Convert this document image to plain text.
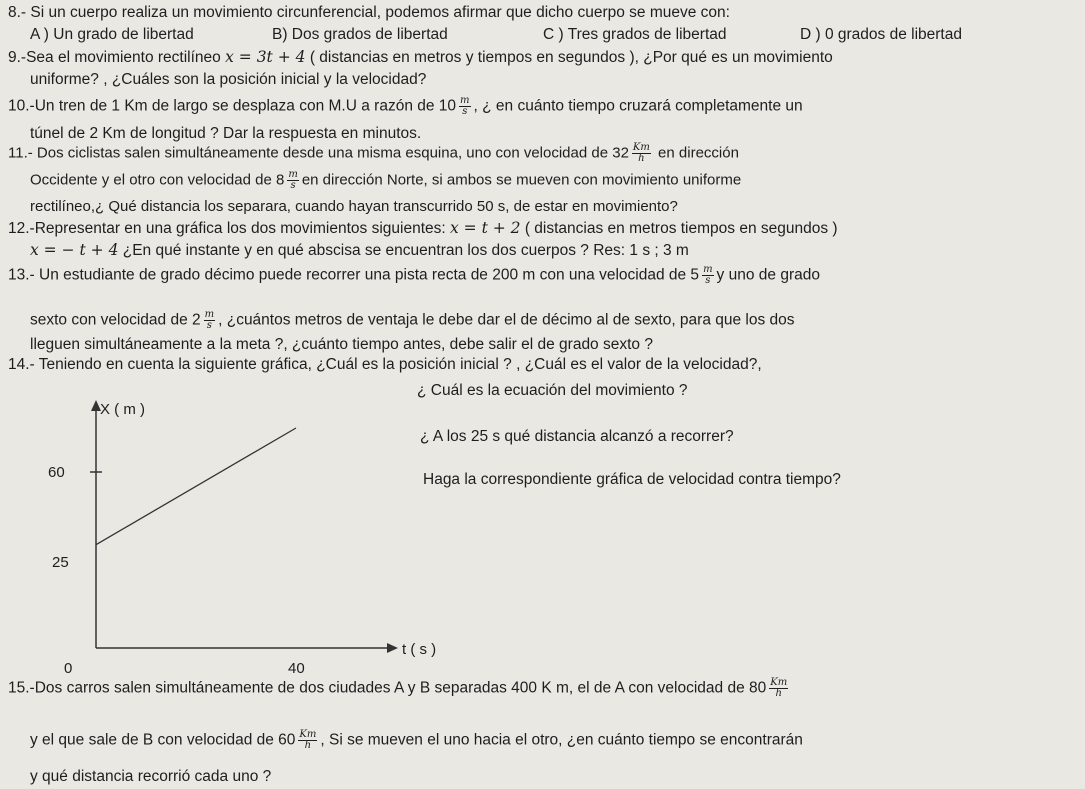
8.- Si un cuerpo realiza un movimiento circunferencial, podemos afirmar que dicho cuerpo se mueve con:
A ) Un grado de libertad	B) Dos grados de libertad	C ) Tres grados de libertad	D ) 0 grados de libertad
9.-Sea el movimiento rectilíneo x = 3t + 4 ( distancias en metros y tiempos en segundos ), ¿Por qué es un movimiento
uniforme? , ¿Cuáles son la posición inicial y la velocidad?
10.-Un tren de 1 Km de largo se desplaza con M.U a razón de $10 \frac{m}{s}$ , ¿ en cuánto tiempo cruzará completamente un
túnel de 2 Km de longitud ? Dar la respuesta en minutos.
11.- Dos ciclistas salen simultáneamente desde una misma esquina, uno con velocidad de $32 \frac{Km}{h}$ en dirección
Occidente y el otro con velocidad de $8 \frac{m}{s}$ en dirección Norte, si ambos se mueven con movimiento uniforme
rectilíneo,¿ Qué distancia los separara, cuando hayan transcurrido 50 s, de estar en movimiento?
12.-Representar en una gráfica los dos movimientos siguientes: x = t + 2 ( distancias en metros tiempos en segundos )
x = − t + 4 ¿En qué instante y en qué abscisa se encuentran los dos cuerpos ? Res: 1 s ; 3 m
13.- Un estudiante de grado décimo puede recorrer una pista recta de 200 m con una velocidad de $5 \frac{m}{s}$ y uno de grado
sexto con velocidad de $2 \frac{m}{s}$ , ¿cuántos metros de ventaja le debe dar el de décimo al de sexto, para que los dos
lleguen simultáneamente a la meta ?, ¿cuánto tiempo antes, debe salir el de grado sexto ?
14.- Teniendo en cuenta la siguiente gráfica, ¿Cuál es la posición inicial ? , ¿Cuál es el valor de la velocidad?,
¿ Cuál es la ecuación del movimiento ?
¿ A los 25 s qué distancia alcanzó a recorrer?
Haga la correspondiente gráfica de velocidad contra tiempo?
X ( m )
t ( s )
60
25
0	40
15.-Dos carros salen simultáneamente de dos ciudades A y B separadas 400 K m, el de A con velocidad de $80 \frac{Km}{h}$
y el que sale de B con velocidad de $60 \frac{Km}{h}$ , Si se mueven el uno hacia el otro, ¿en cuánto tiempo se encontrarán
y qué distancia recorrió cada uno ?
